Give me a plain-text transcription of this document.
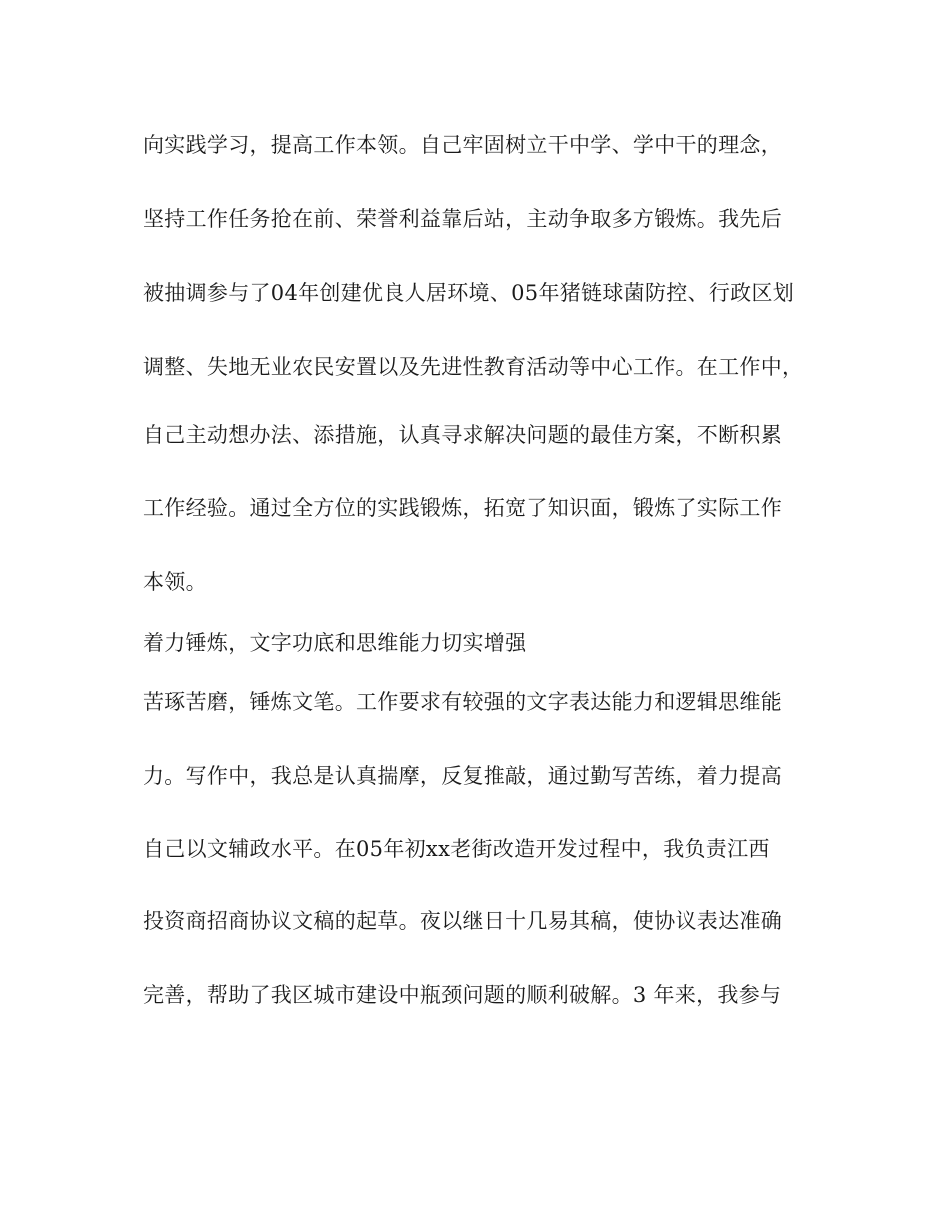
向实践学习，提高工作本领。自己牢固树立干中学、学中干的理念，
坚持工作任务抢在前、荣誉利益靠后站，主动争取多方锻炼。我先后
被抽调参与了04年创建优良人居环境、05年猪链球菌防控、行政区划
调整、失地无业农民安置以及先进性教育活动等中心工作。在工作中，
自己主动想办法、添措施，认真寻求解决问题的最佳方案，不断积累
工作经验。通过全方位的实践锻炼，拓宽了知识面，锻炼了实际工作
本领。
着力锤炼，文字功底和思维能力切实增强
苦琢苦磨，锤炼文笔。工作要求有较强的文字表达能力和逻辑思维能
力。写作中，我总是认真揣摩，反复推敲，通过勤写苦练，着力提高
自己以文辅政水平。在05年初xx老街改造开发过程中，我负责江西
投资商招商协议文稿的起草。夜以继日十几易其稿，使协议表达准确
完善，帮助了我区城市建设中瓶颈问题的顺利破解。3 年来，我参与
